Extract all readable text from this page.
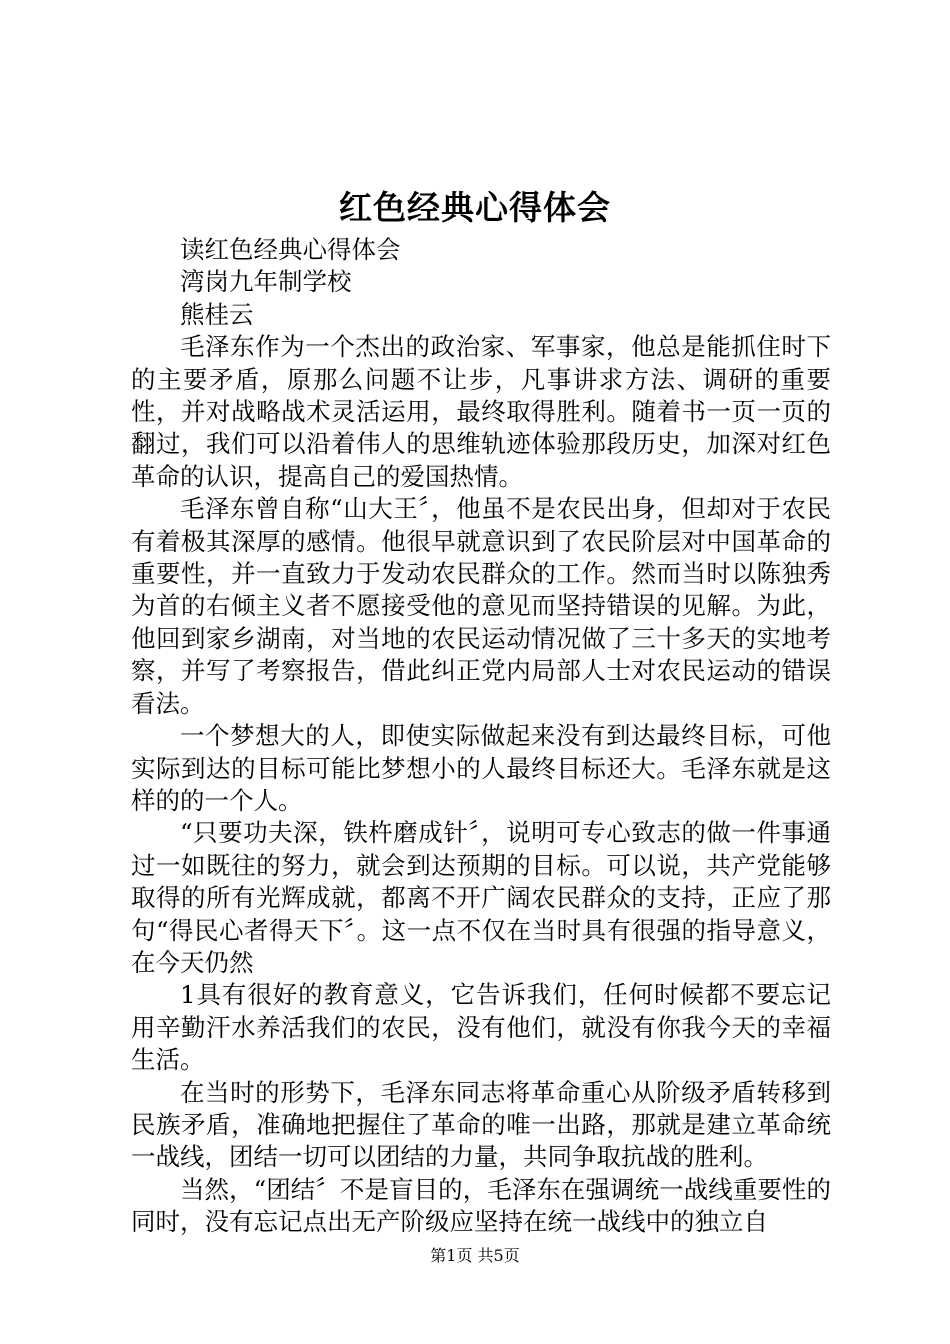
红色经典心得体会

读红色经典心得体会

湾岗九年制学校

熊桂云

毛泽东作为一个杰出的政治家、军事家，他总是能抓住时下的主要矛盾，原那么问题不让步，凡事讲求方法、调研的重要性，并对战略战术灵活运用，最终取得胜利。随着书一页一页的翻过，我们可以沿着伟人的思维轨迹体验那段历史，加深对红色革命的认识，提高自己的爱国热情。

毛泽东曾自称“山大王〞，他虽不是农民出身，但却对于农民有着极其深厚的感情。他很早就意识到了农民阶层对中国革命的重要性，并一直致力于发动农民群众的工作。然而当时以陈独秀为首的右倾主义者不愿接受他的意见而坚持错误的见解。为此，他回到家乡湖南，对当地的农民运动情况做了三十多天的实地考察，并写了考察报告，借此纠正党内局部人士对农民运动的错误看法。

一个梦想大的人，即使实际做起来没有到达最终目标，可他实际到达的目标可能比梦想小的人最终目标还大。毛泽东就是这样的的一个人。

“只要功夫深，铁杵磨成针〞，说明可专心致志的做一件事通过一如既往的努力，就会到达预期的目标。可以说，共产党能够取得的所有光辉成就，都离不开广阔农民群众的支持，正应了那句“得民心者得天下〞。这一点不仅在当时具有很强的指导意义，在今天仍然

1具有很好的教育意义，它告诉我们，任何时候都不要忘记用辛勤汗水养活我们的农民，没有他们，就没有你我今天的幸福生活。

在当时的形势下，毛泽东同志将革命重心从阶级矛盾转移到民族矛盾，准确地把握住了革命的唯一出路，那就是建立革命统一战线，团结一切可以团结的力量，共同争取抗战的胜利。

当然，“团结〞不是盲目的，毛泽东在强调统一战线重要性的同时，没有忘记点出无产阶级应坚持在统一战线中的独立自

第1页 共5页
